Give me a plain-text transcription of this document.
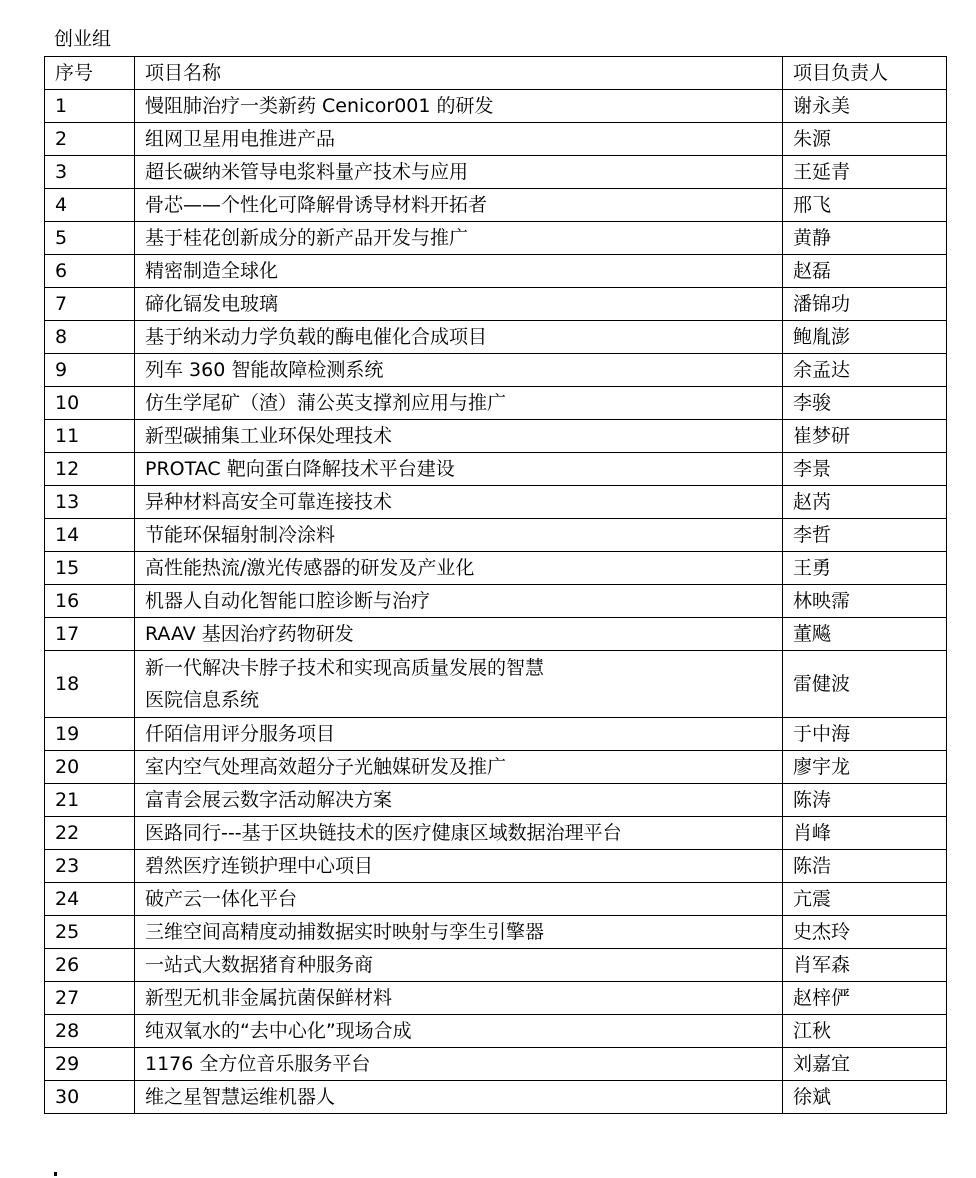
创业组
序号	项目名称	项目负责人
1	慢阻肺治疗一类新药 Cenicor001 的研发	谢永美
2	组网卫星用电推进产品	朱源
3	超长碳纳米管导电浆料量产技术与应用	王延青
4	骨芯——个性化可降解骨诱导材料开拓者	邢飞
5	基于桂花创新成分的新产品开发与推广	黄静
6	精密制造全球化	赵磊
7	碲化镉发电玻璃	潘锦功
8	基于纳米动力学负载的酶电催化合成项目	鲍胤澎
9	列车 360 智能故障检测系统	余孟达
10	仿生学尾矿（渣）蒲公英支撑剂应用与推广	李骏
11	新型碳捕集工业环保处理技术	崔梦研
12	PROTAC 靶向蛋白降解技术平台建设	李景
13	异种材料高安全可靠连接技术	赵芮
14	节能环保辐射制冷涂料	李哲
15	高性能热流/激光传感器的研发及产业化	王勇
16	机器人自动化智能口腔诊断与治疗	林映霈
17	RAAV 基因治疗药物研发	董飚
18	新一代解决卡脖子技术和实现高质量发展的智慧
医院信息系统	雷健波
19	仟陌信用评分服务项目	于中海
20	室内空气处理高效超分子光触媒研发及推广	廖宇龙
21	富青会展云数字活动解决方案	陈涛
22	医路同行---基于区块链技术的医疗健康区域数据治理平台	肖峰
23	碧然医疗连锁护理中心项目	陈浩
24	破产云一体化平台	亢震
25	三维空间高精度动捕数据实时映射与孪生引擎器	史杰玲
26	一站式大数据猪育种服务商	肖军森
27	新型无机非金属抗菌保鲜材料	赵梓俨
28	纯双氧水的“去中心化”现场合成	江秋
29	1176 全方位音乐服务平台	刘嘉宜
30	维之星智慧运维机器人	徐斌
